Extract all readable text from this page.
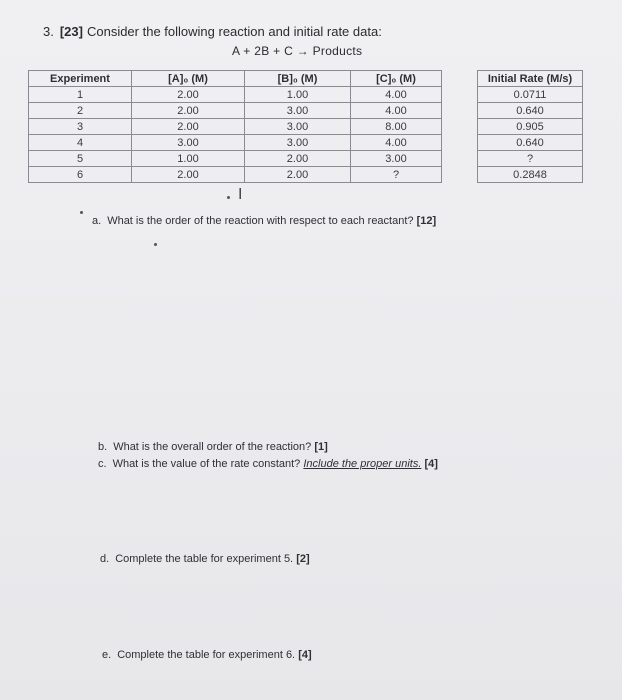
3. [23] Consider the following reaction and initial rate data:
A + 2B + C → Products
Experiment	[A]₀ (M)	[B]₀ (M)	[C]₀ (M)		Initial Rate (M/s)
1	2.00	1.00	4.00		0.0711
2	2.00	3.00	4.00		0.640
3	2.00	3.00	8.00		0.905
4	3.00	3.00	4.00		0.640
5	1.00	2.00	3.00		?
6	2.00	2.00	?		0.2848
I
a. What is the order of the reaction with respect to each reactant? [12]
b. What is the overall order of the reaction? [1]
c. What is the value of the rate constant? Include the proper units. [4]
d. Complete the table for experiment 5. [2]
e. Complete the table for experiment 6. [4]
